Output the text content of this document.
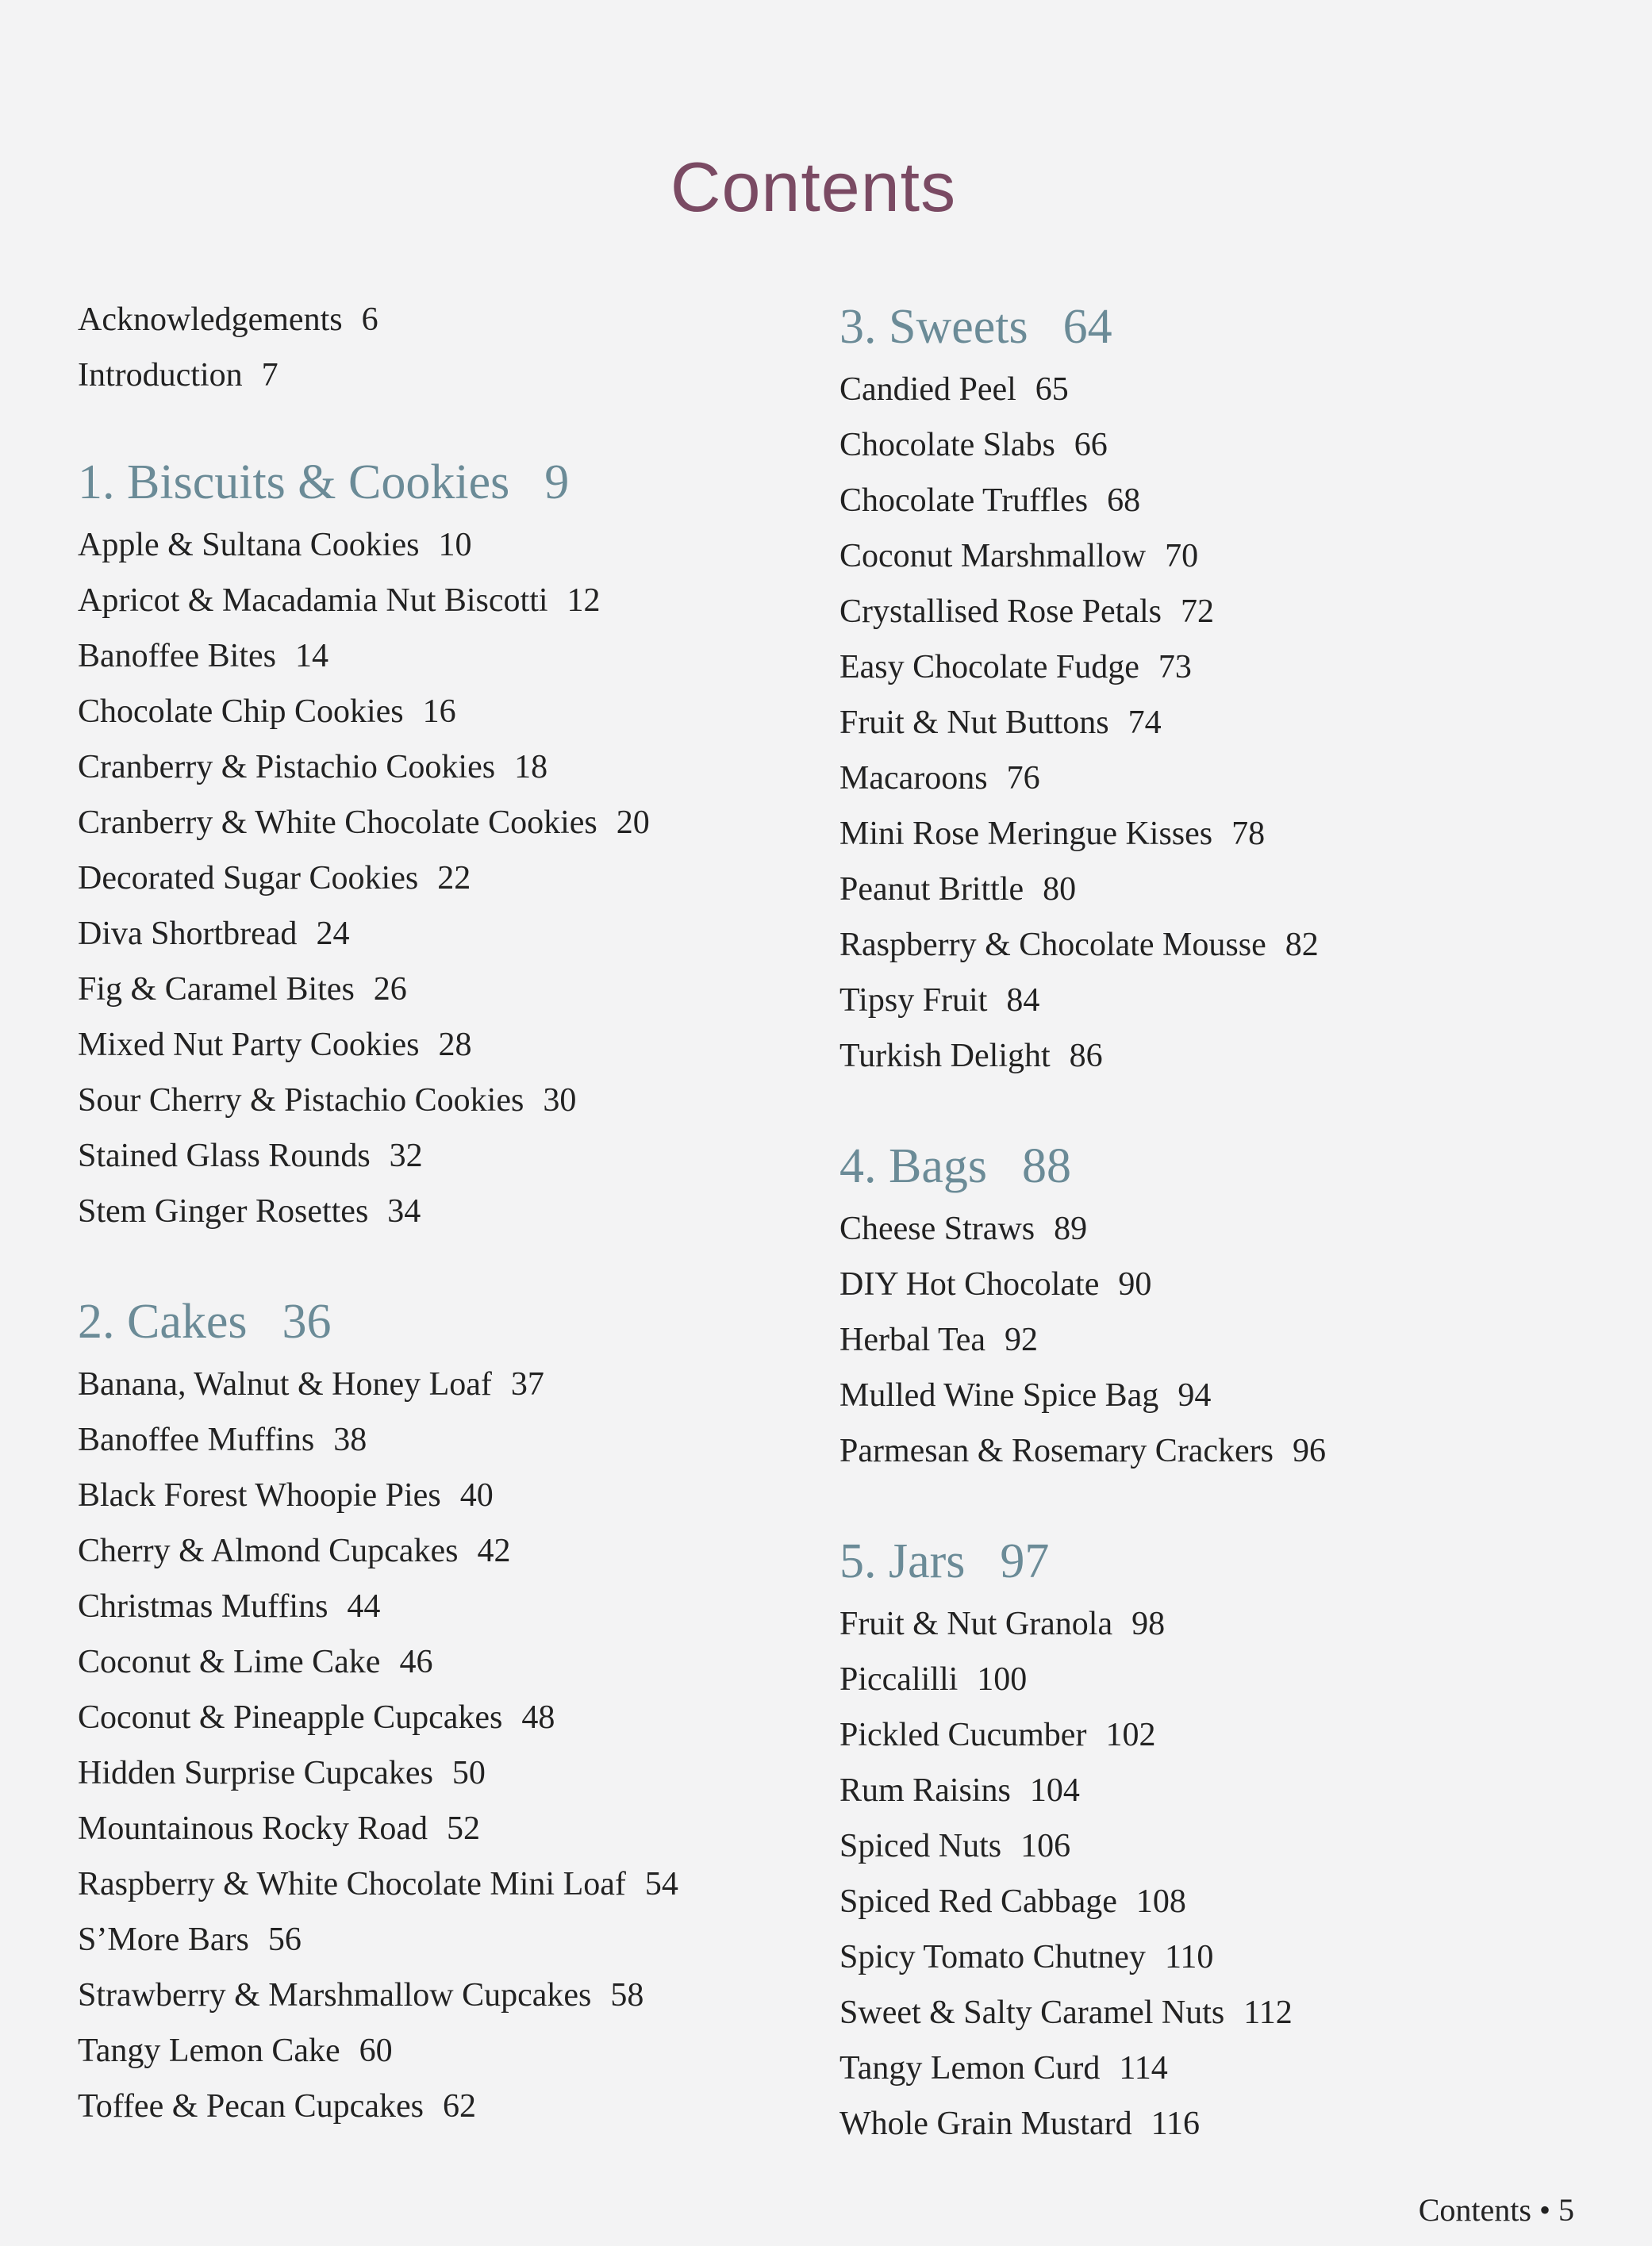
Contents
Acknowledgements 6
Introduction 7
1. Biscuits & Cookies 9
Apple & Sultana Cookies 10
Apricot & Macadamia Nut Biscotti 12
Banoffee Bites 14
Chocolate Chip Cookies 16
Cranberry & Pistachio Cookies 18
Cranberry & White Chocolate Cookies 20
Decorated Sugar Cookies 22
Diva Shortbread 24
Fig & Caramel Bites 26
Mixed Nut Party Cookies 28
Sour Cherry & Pistachio Cookies 30
Stained Glass Rounds 32
Stem Ginger Rosettes 34
2. Cakes 36
Banana, Walnut & Honey Loaf 37
Banoffee Muffins 38
Black Forest Whoopie Pies 40
Cherry & Almond Cupcakes 42
Christmas Muffins 44
Coconut & Lime Cake 46
Coconut & Pineapple Cupcakes 48
Hidden Surprise Cupcakes 50
Mountainous Rocky Road 52
Raspberry & White Chocolate Mini Loaf 54
S’More Bars 56
Strawberry & Marshmallow Cupcakes 58
Tangy Lemon Cake 60
Toffee & Pecan Cupcakes 62
3. Sweets 64
Candied Peel 65
Chocolate Slabs 66
Chocolate Truffles 68
Coconut Marshmallow 70
Crystallised Rose Petals 72
Easy Chocolate Fudge 73
Fruit & Nut Buttons 74
Macaroons 76
Mini Rose Meringue Kisses 78
Peanut Brittle 80
Raspberry & Chocolate Mousse 82
Tipsy Fruit 84
Turkish Delight 86
4. Bags 88
Cheese Straws 89
DIY Hot Chocolate 90
Herbal Tea 92
Mulled Wine Spice Bag 94
Parmesan & Rosemary Crackers 96
5. Jars 97
Fruit & Nut Granola 98
Piccalilli 100
Pickled Cucumber 102
Rum Raisins 104
Spiced Nuts 106
Spiced Red Cabbage 108
Spicy Tomato Chutney 110
Sweet & Salty Caramel Nuts 112
Tangy Lemon Curd 114
Whole Grain Mustard 116
Contents • 5
